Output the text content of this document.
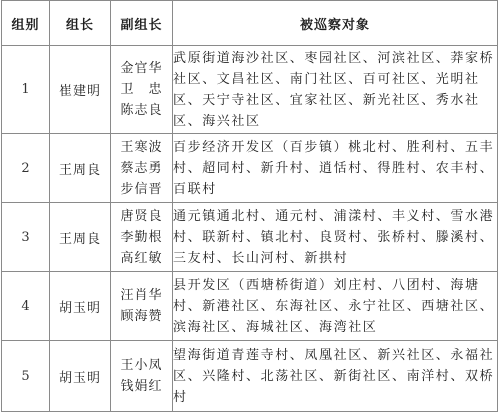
组别	组长	副组长	被巡察对象
1	崔建明	金官华
卫　忠
陈志良	武原街道海沙社区、枣园社区、河滨社区、莽家桥社区、文昌社区、南门社区、百可社区、光明社区、天宁寺社区、宜家社区、新光社区、秀水社区、海兴社区
2	王周良	王寒波
蔡志勇
步信晋	百步经济开发区（百步镇）桃北村、胜利村、五丰村、超同村、新升村、逍恬村、得胜村、农丰村、百联村
3	王周良	唐贤良
李勤根
高红敏	通元镇通北村、通元村、浦漾村、丰义村、雪水港村、联新村、镇北村、良贤村、张桥村、滕溪村、三友村、长山河村、新拱村
4	胡玉明	汪肖华
顾海赞	县开发区（西塘桥街道）刘庄村、八团村、海塘村、新港社区、东海社区、永宁社区、西塘社区、滨海社区、海城社区、海湾社区
5	胡玉明	王小凤
钱娟红	望海街道青莲寺村、凤凰社区、新兴社区、永福社区、兴隆村、北荡社区、新街社区、南洋村、双桥村
